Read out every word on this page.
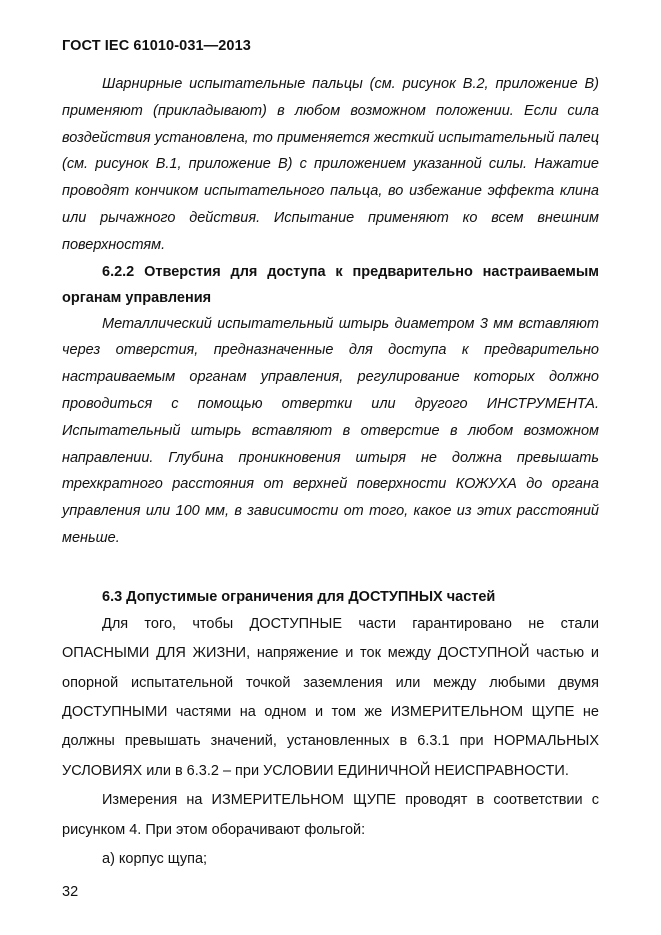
ГОСТ IEC 61010-031—2013

Шарнирные испытательные пальцы (см. рисунок В.2, приложение В) применяют (прикладывают) в любом возможном положении. Если сила воздействия установлена, то применяется жесткий испытательный палец (см. рисунок В.1, приложение В) с приложением указанной силы. Нажатие проводят кончиком испытательного пальца, во избежание эффекта клина или рычажного действия. Испытание применяют ко всем внешним поверхностям.

6.2.2 Отверстия для доступа к предварительно настраиваемым органам управления

Металлический испытательный штырь диаметром 3 мм вставляют через отверстия, предназначенные для доступа к предварительно настраиваемым органам управления, регулирование которых должно проводиться с помощью отвертки или другого ИНСТРУМЕНТА. Испытательный штырь вставляют в отверстие в любом возможном направлении. Глубина проникновения штыря не должна превышать трехкратного расстояния от верхней поверхности КОЖУХА до органа управления или 100 мм, в зависимости от того, какое из этих расстояний меньше.

6.3 Допустимые ограничения для ДОСТУПНЫХ частей

Для того, чтобы ДОСТУПНЫЕ части гарантировано не стали ОПАСНЫМИ ДЛЯ ЖИЗНИ, напряжение и ток между ДОСТУПНОЙ частью и опорной испытательной точкой заземления или между любыми двумя ДОСТУПНЫМИ частями на одном и том же ИЗМЕРИТЕЛЬНОМ ЩУПЕ не должны превышать значений, установленных в 6.3.1 при НОРМАЛЬНЫХ УСЛОВИЯХ или в 6.3.2 – при УСЛОВИИ ЕДИНИЧНОЙ НЕИСПРАВНОСТИ.

Измерения на ИЗМЕРИТЕЛЬНОМ ЩУПЕ проводят в соответствии с рисунком 4. При этом оборачивают фольгой:

а) корпус щупа;

32
